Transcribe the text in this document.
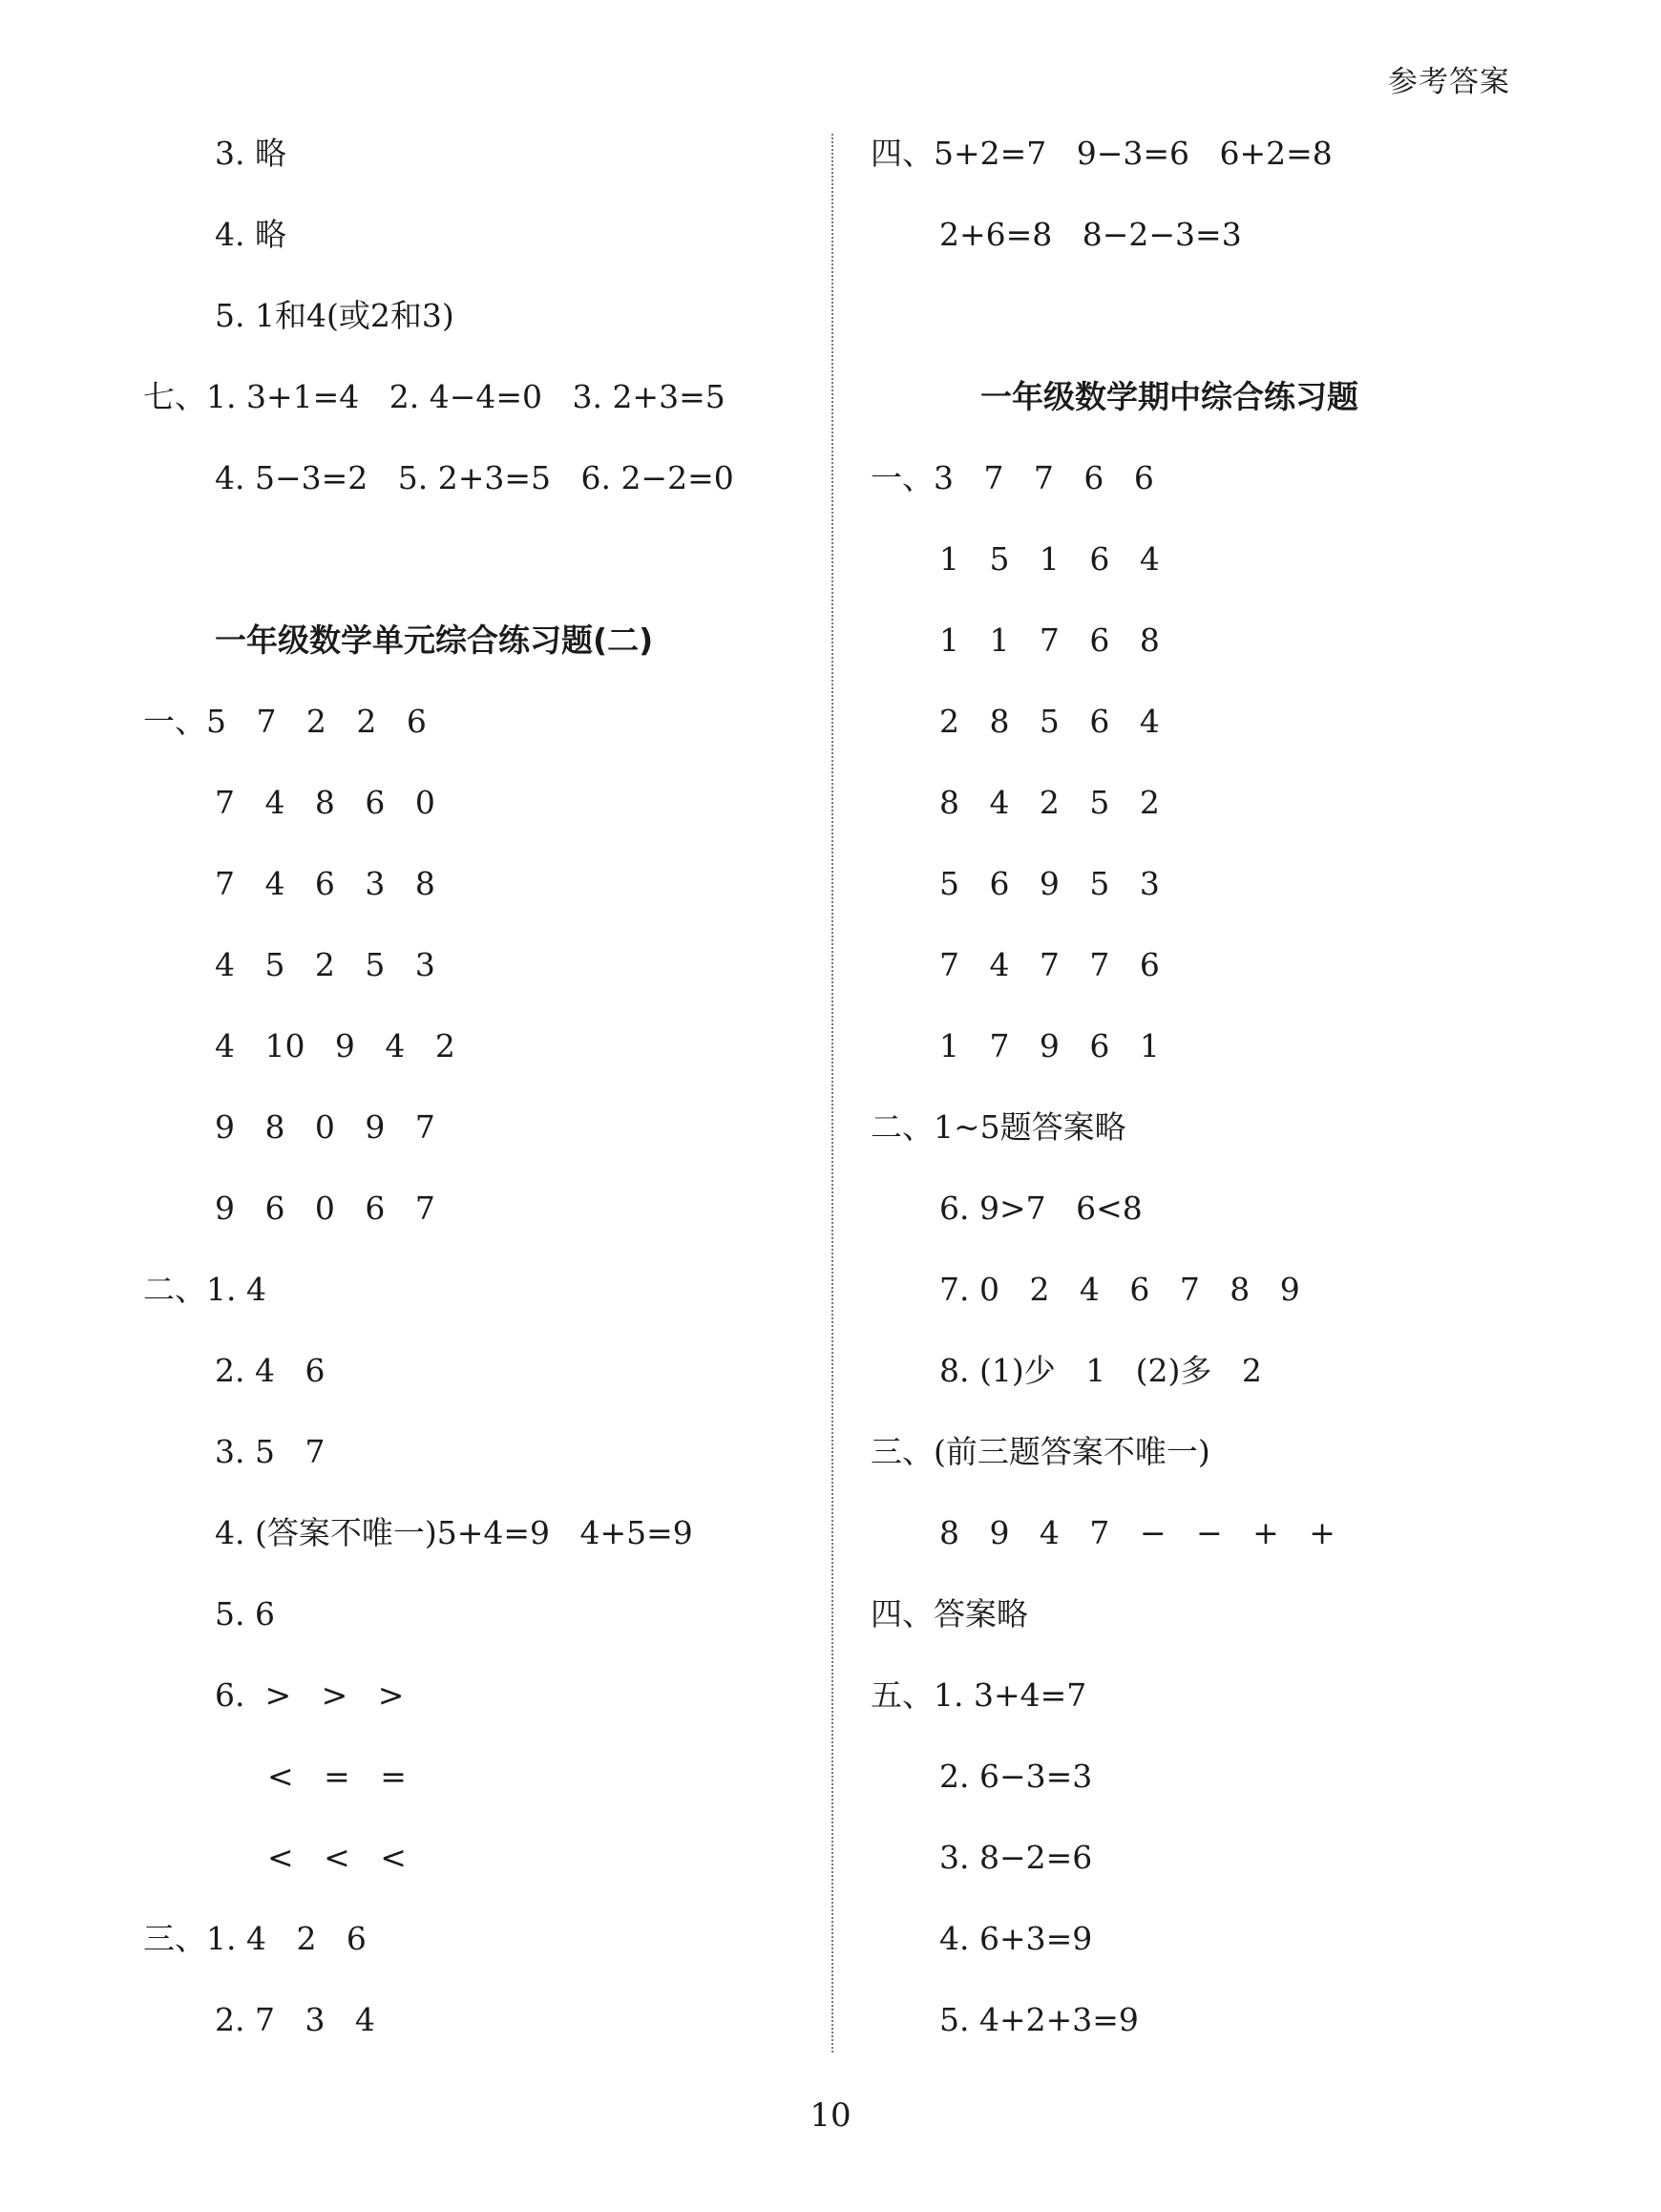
参考答案
3. 略
4. 略
5. 1和4(或2和3)
七、1. 3+1=4   2. 4−4=0   3. 2+3=5
4. 5−3=2   5. 2+3=5   6. 2−2=0
一年级数学单元综合练习题(二)
一、5   7   2   2   6
7   4   8   6   0
7   4   6   3   8
4   5   2   5   3
4   10   9   4   2
9   8   0   9   7
9   6   0   6   7
二、1. 4
2. 4   6
3. 5   7
4. (答案不唯一)5+4=9   4+5=9
5. 6
6.  >   >   >
<   =   =
<   <   <
三、1. 4   2   6
2. 7   3   4
四、5+2=7   9−3=6   6+2=8
2+6=8   8−2−3=3
一年级数学期中综合练习题
一、3   7   7   6   6
1   5   1   6   4
1   1   7   6   8
2   8   5   6   4
8   4   2   5   2
5   6   9   5   3
7   4   7   7   6
1   7   9   6   1
二、1~5题答案略
6. 9>7   6<8
7. 0   2   4   6   7   8   9
8. (1)少   1   (2)多   2
三、(前三题答案不唯一)
8   9   4   7   −   −   +   +
四、答案略
五、1. 3+4=7
2. 6−3=3
3. 8−2=6
4. 6+3=9
5. 4+2+3=9
10
